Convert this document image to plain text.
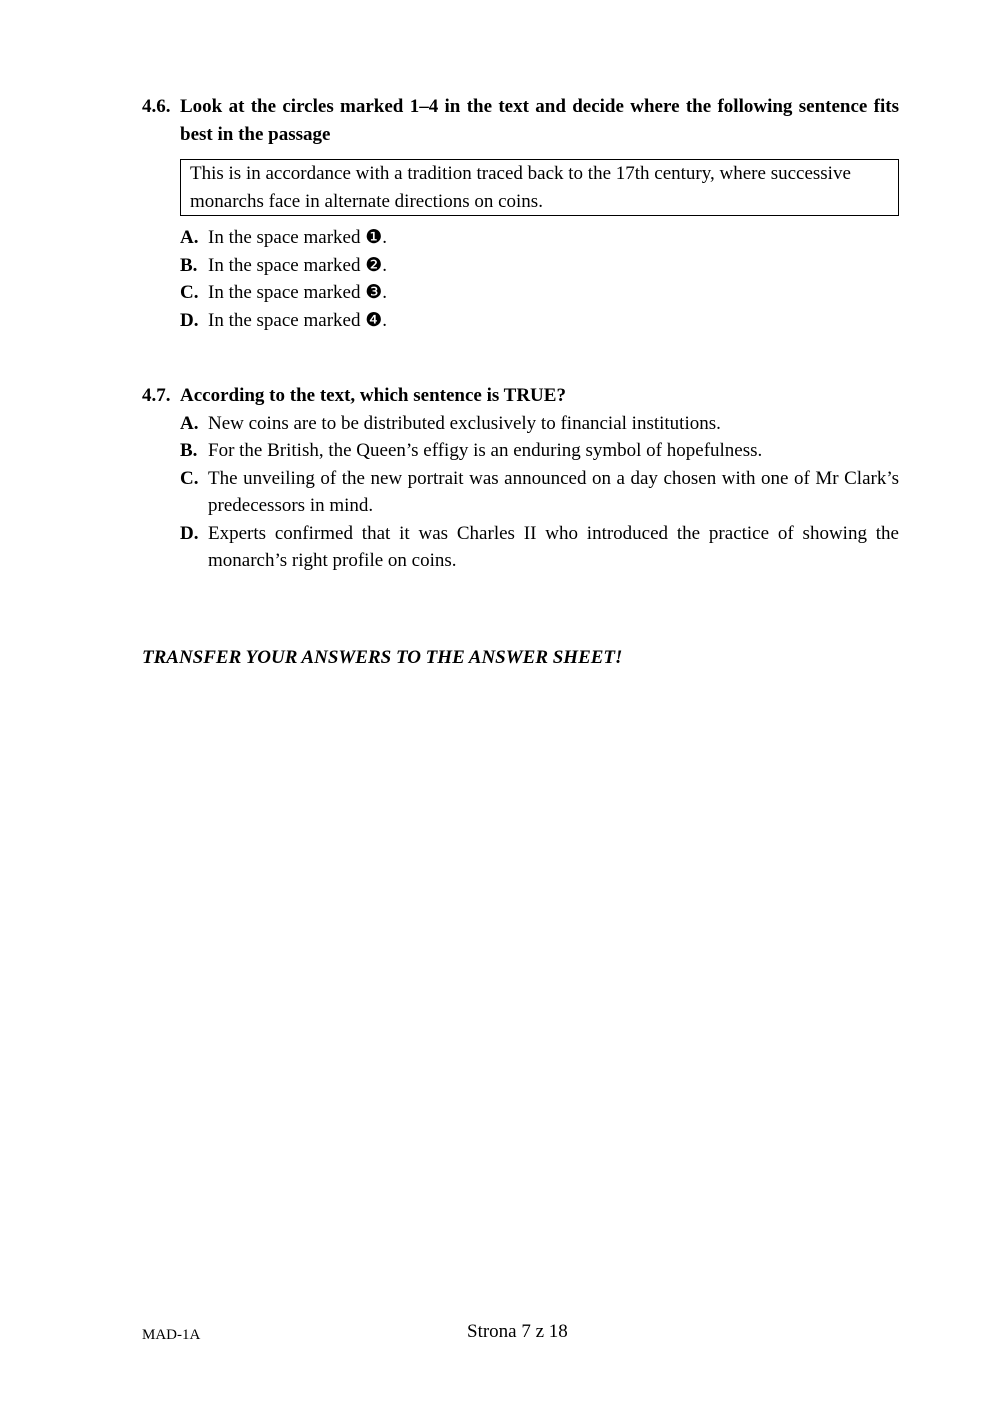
4.6. Look at the circles marked 1–4 in the text and decide where the following sentence fits best in the passage
This is in accordance with a tradition traced back to the 17th century, where successive monarchs face in alternate directions on coins.
A. In the space marked ❶.
B. In the space marked ❷.
C. In the space marked ❸.
D. In the space marked ❹.
4.7. According to the text, which sentence is TRUE?
A. New coins are to be distributed exclusively to financial institutions.
B. For the British, the Queen’s effigy is an enduring symbol of hopefulness.
C. The unveiling of the new portrait was announced on a day chosen with one of Mr Clark’s predecessors in mind.
D. Experts confirmed that it was Charles II who introduced the practice of showing the monarch’s right profile on coins.
TRANSFER YOUR ANSWERS TO THE ANSWER SHEET!
MAD-1A	Strona 7 z 18
